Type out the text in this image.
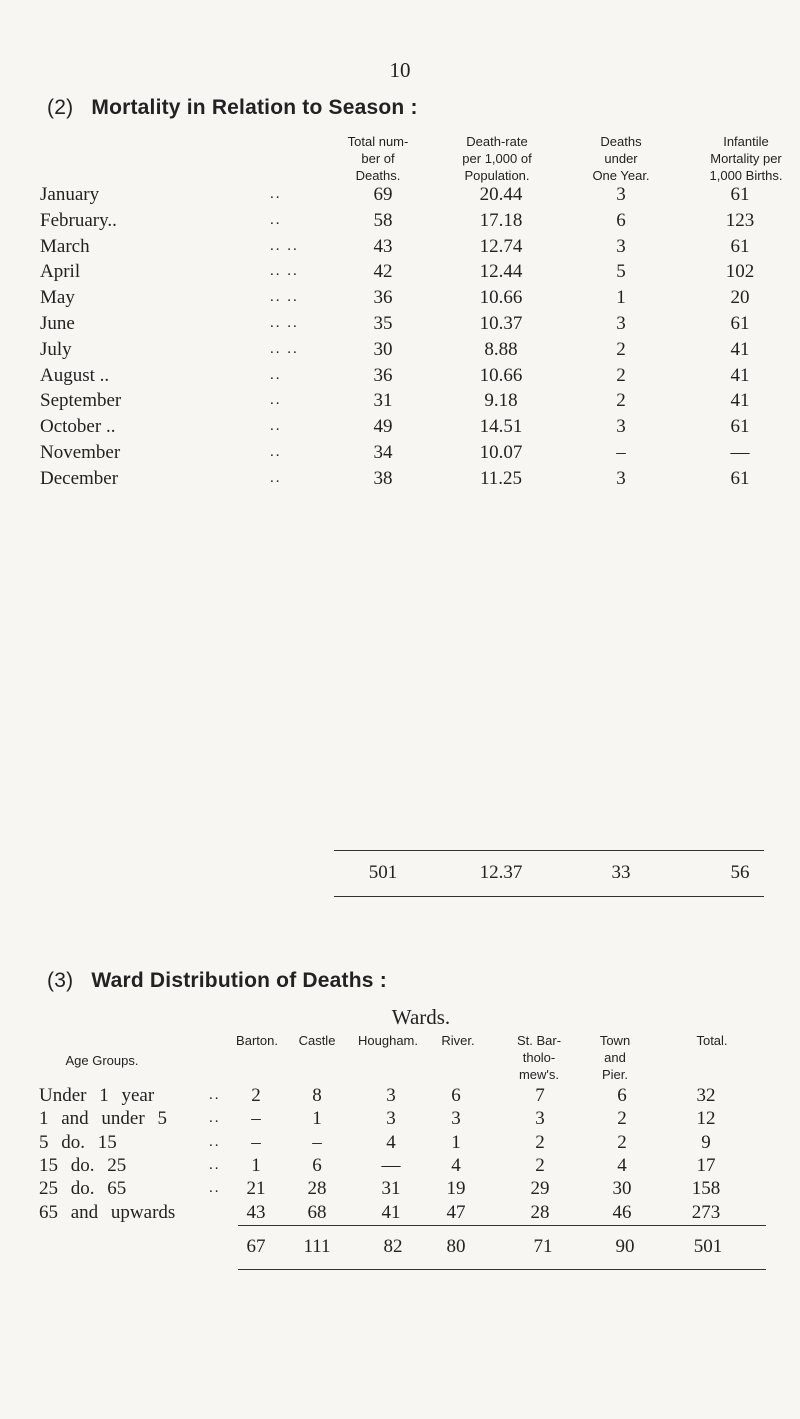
10
(2) Mortality in Relation to Season :
Total num-
ber of
Deaths.
Death-rate
per 1,000 of
Population.
Deaths
under
One Year.
Infantile
Mortality per
1,000 Births.
January	..	69	20.44	3	61
February..	..	58	17.18	6	123
March	.. ..	43	12.74	3	61
April	.. ..	42	12.44	5	102
May	.. ..	36	10.66	1	20
June	.. ..	35	10.37	3	61
July	.. ..	30	8.88	2	41
August ..	..	36	10.66	2	41
September	..	31	9.18	2	41
October ..	..	49	14.51	3	61
November	..	34	10.07	–	—
December	..	38	11.25	3	61
501	12.37	33	56
(3) Ward Distribution of Deaths :
Wards.
Age Groups.
Barton. Castle Hougham. River.	St. Bar-
tholo-
mew's.
Town
and
Pier.
Total.
Under 1 year	.. 2	8	3	6	7	6	32
1 and under 5	.. –	1	3	3	3	2	12
5 do. 15	.. –	–	4	1	2	2	9
15 do. 25	.. 1	6	—	4	2	4	17
25 do. 65	.. 21 28	31 19	29	30	158
65 and upwards	43 68	41 47	28	46	273
67 111	82 80	71	90	501
